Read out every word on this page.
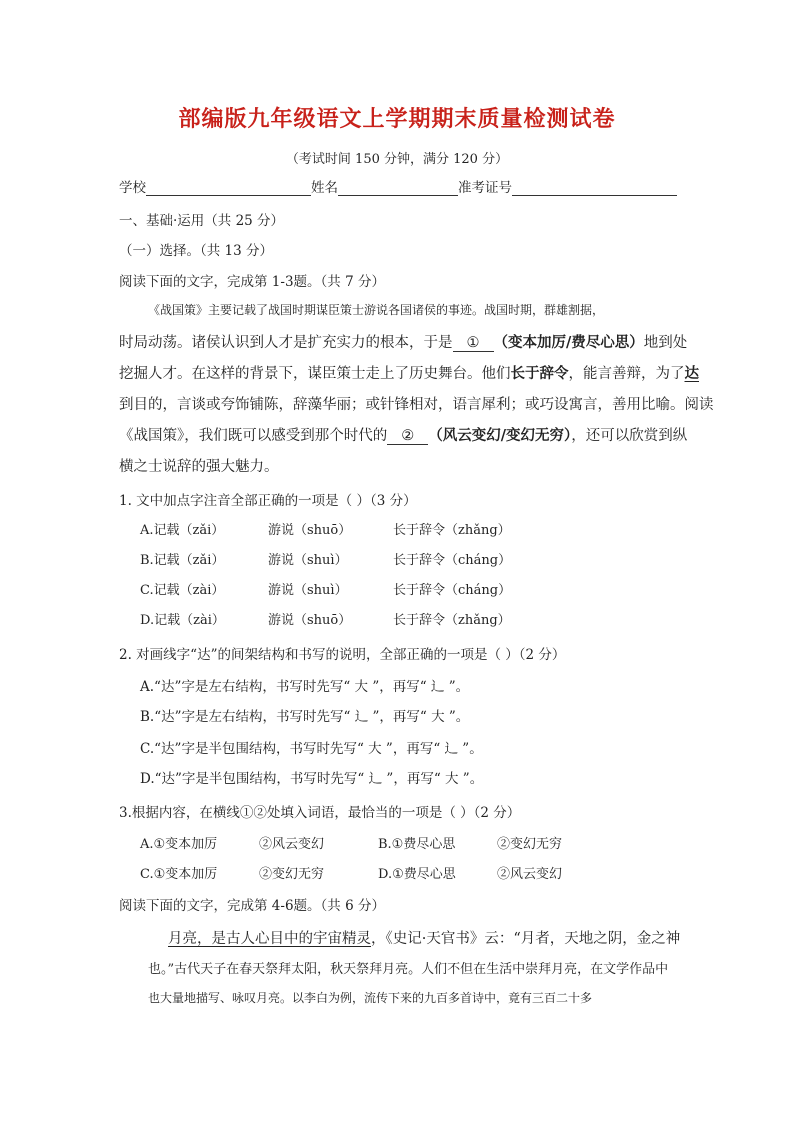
部编版九年级语文上学期期末质量检测试卷
（考试时间 150 分钟，满分 120 分）
学校	姓名	准考证号
一、基础·运用（共 25 分）
（一）选择。（共 13 分）
阅读下面的文字，完成第 1-3题。（共 7 分）
《战国策》主要记载了战国时期谋臣策士游说各国诸侯的事迹。战国时期，群雄割据，
时局动荡。诸侯认识到人才是扩充实力的根本，于是 ① （变本加厉/费尽心思）地到处
挖掘人才。在这样的背景下，谋臣策士走上了历史舞台。他们长于辞令，能言善辩，为了达
到目的，言谈或夸饰铺陈，辞藻华丽；或针锋相对，语言犀利；或巧设寓言，善用比喻。阅读
《战国策》，我们既可以感受到那个时代的 ② （风云变幻/变幻无穷），还可以欣赏到纵
横之士说辞的强大魅力。
1. 文中加点字注音全部正确的一项是（ ）（3 分）
A.记载（zǎi）	游说（shuō）	长于辞令（zhǎng）
B.记载（zǎi）	游说（shuì）	长于辞令（cháng）
C.记载（zài）	游说（shuì）	长于辞令（cháng）
D.记载（zài）	游说（shuō）	长于辞令（zhǎng）
2. 对画线字“达”的间架结构和书写的说明，全部正确的一项是（ ）（2 分）
A.“达”字是左右结构，书写时先写“ 大 ”，再写“ 辶 ”。
B.“达”字是左右结构，书写时先写“ 辶 ”，再写“ 大 ”。
C.“达”字是半包围结构，书写时先写“ 大 ”，再写“ 辶 ”。
D.“达”字是半包围结构，书写时先写“ 辶 ”，再写“ 大 ”。
3.根据内容，在横线①②处填入词语，最恰当的一项是（ ）（2 分）
A.①变本加厉	②风云变幻	B.①费尽心思	②变幻无穷
C.①变本加厉	②变幻无穷	D.①费尽心思	②风云变幻
阅读下面的文字，完成第 4-6题。（共 6 分）
月亮，是古人心目中的宇宙精灵，《史记·天官书》云：“月者，天地之阴，金之神
也。”古代天子在春天祭拜太阳，秋天祭拜月亮。人们不但在生活中崇拜月亮，在文学作品中
也大量地描写、咏叹月亮。以李白为例，流传下来的九百多首诗中，竟有三百二十多
